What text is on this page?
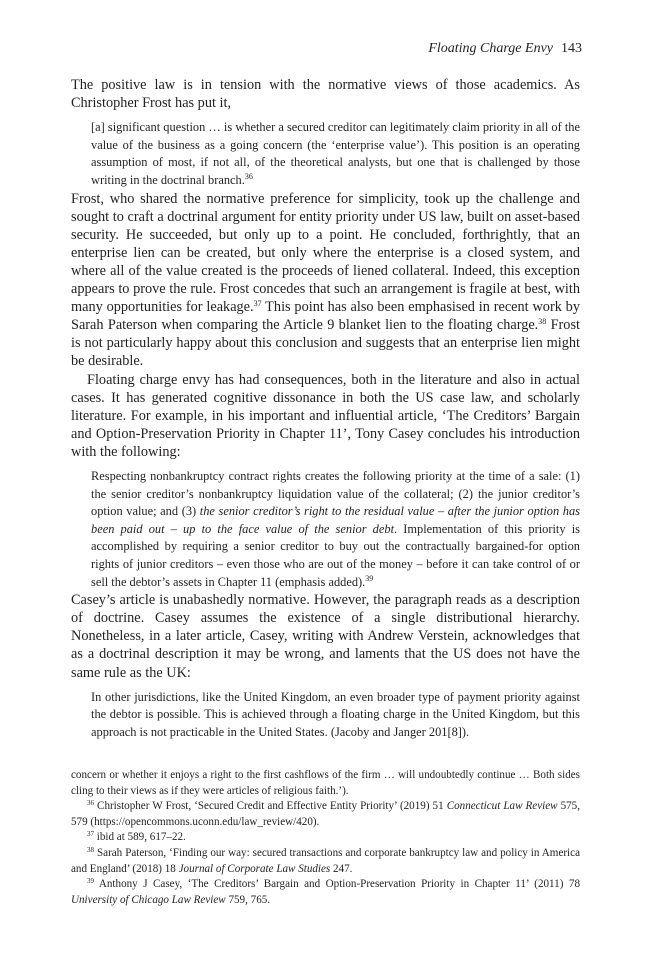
Floating Charge Envy 143

The positive law is in tension with the normative views of those academics. As Christopher Frost has put it,

[a] significant question … is whether a secured creditor can legitimately claim priority in all of the value of the business as a going concern (the ‘enterprise value’). This position is an operating assumption of most, if not all, of the theoretical analysts, but one that is challenged by those writing in the doctrinal branch.$^{36}$

Frost, who shared the normative preference for simplicity, took up the challenge and sought to craft a doctrinal argument for entity priority under US law, built on asset-based security. He succeeded, but only up to a point. He concluded, forthrightly, that an enterprise lien can be created, but only where the enterprise is a closed system, and where all of the value created is the proceeds of liened collateral. Indeed, this exception appears to prove the rule. Frost concedes that such an arrangement is fragile at best, with many opportunities for leakage.$^{37}$ This point has also been emphasised in recent work by Sarah Paterson when comparing the Article 9 blanket lien to the floating charge.$^{38}$ Frost is not particularly happy about this conclusion and suggests that an enterprise lien might be desirable.

Floating charge envy has had consequences, both in the literature and also in actual cases. It has generated cognitive dissonance in both the US case law, and scholarly literature. For example, in his important and influential article, ‘The Creditors’ Bargain and Option-Preservation Priority in Chapter 11’, Tony Casey concludes his introduction with the following:

Respecting nonbankruptcy contract rights creates the following priority at the time of a sale: (1) the senior creditor’s nonbankruptcy liquidation value of the collateral; (2) the junior creditor’s option value; and (3) the senior creditor’s right to the residual value – after the junior option has been paid out – up to the face value of the senior debt. Implementation of this priority is accomplished by requiring a senior creditor to buy out the contractually bargained-for option rights of junior creditors – even those who are out of the money – before it can take control of or sell the debtor’s assets in Chapter 11 (emphasis added).$^{39}$

Casey’s article is unabashedly normative. However, the paragraph reads as a description of doctrine. Casey assumes the existence of a single distributional hierarchy. Nonetheless, in a later article, Casey, writing with Andrew Verstein, acknowledges that as a doctrinal description it may be wrong, and laments that the US does not have the same rule as the UK:

In other jurisdictions, like the United Kingdom, an even broader type of payment priority against the debtor is possible. This is achieved through a floating charge in the United Kingdom, but this approach is not practicable in the United States. (Jacoby and Janger 201[8]).

concern or whether it enjoys a right to the first cashflows of the firm … will undoubtedly continue … Both sides cling to their views as if they were articles of religious faith.’).

$^{36}$ Christopher W Frost, ‘Secured Credit and Effective Entity Priority’ (2019) 51 Connecticut Law Review 575, 579 (https://opencommons.uconn.edu/law_review/420).

$^{37}$ ibid at 589, 617–22.

$^{38}$ Sarah Paterson, ‘Finding our way: secured transactions and corporate bankruptcy law and policy in America and England’ (2018) 18 Journal of Corporate Law Studies 247.

$^{39}$ Anthony J Casey, ‘The Creditors’ Bargain and Option-Preservation Priority in Chapter 11’ (2011) 78 University of Chicago Law Review 759, 765.
